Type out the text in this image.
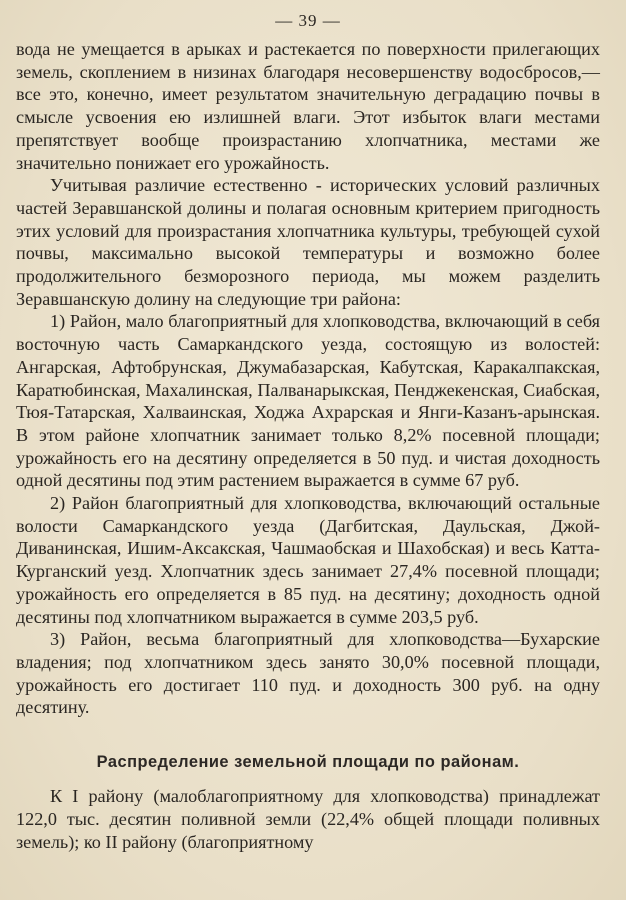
— 39 —

вода не умещается в арыках и растекается по поверхности прилегающих земель, скоплением в низинах благодаря несовершенству водосбросов,—все это, конечно, имеет результатом значительную деградацию почвы в смысле усвоения ею излишней влаги. Этот избыток влаги местами препятствует вообще произрастанию хлопчатника, местами же значительно понижает его урожайность.

Учитывая различие естественно - исторических условий различных частей Зеравшанской долины и полагая основным критерием пригодность этих условий для произрастания хлопчатника культуры, требующей сухой почвы, максимально высокой температуры и возможно более продолжительного безморозного периода, мы можем разделить Зеравшанскую долину на следующие три района:

1) Район, мало благоприятный для хлопководства, включающий в себя восточную часть Самаркандского уезда, состоящую из волостей: Ангарская, Афтобрунская, Джумабазарская, Кабутская, Каракалпакская, Каратюбинская, Махалинская, Палванарыкская, Пенджекенская, Сиабская, Тюя-Татарская, Халваинская, Ходжа Ахрарская и Янги-Казанъ-арынская. В этом районе хлопчатник занимает только 8,2% посевной площади; урожайность его на десятину определяется в 50 пуд. и чистая доходность одной десятины под этим растением выражается в сумме 67 руб.

2) Район благоприятный для хлопководства, включающий остальные волости Самаркандского уезда (Дагбитская, Даульская, Джой-Диванинская, Ишим-Аксакская, Чашмаобская и Шахобская) и весь Катта-Курганский уезд. Хлопчатник здесь занимает 27,4% посевной площади; урожайность его определяется в 85 пуд. на десятину; доходность одной десятины под хлопчатником выражается в сумме 203,5 руб.

3) Район, весьма благоприятный для хлопководства—Бухарские владения; под хлопчатником здесь занято 30,0% посевной площади, урожайность его достигает 110 пуд. и доходность 300 руб. на одну десятину.

Распределение земельной площади по районам.

К I району (малоблагоприятному для хлопководства) принадлежат 122,0 тыс. десятин поливной земли (22,4% общей площади поливных земель); ко II району (благоприятному
